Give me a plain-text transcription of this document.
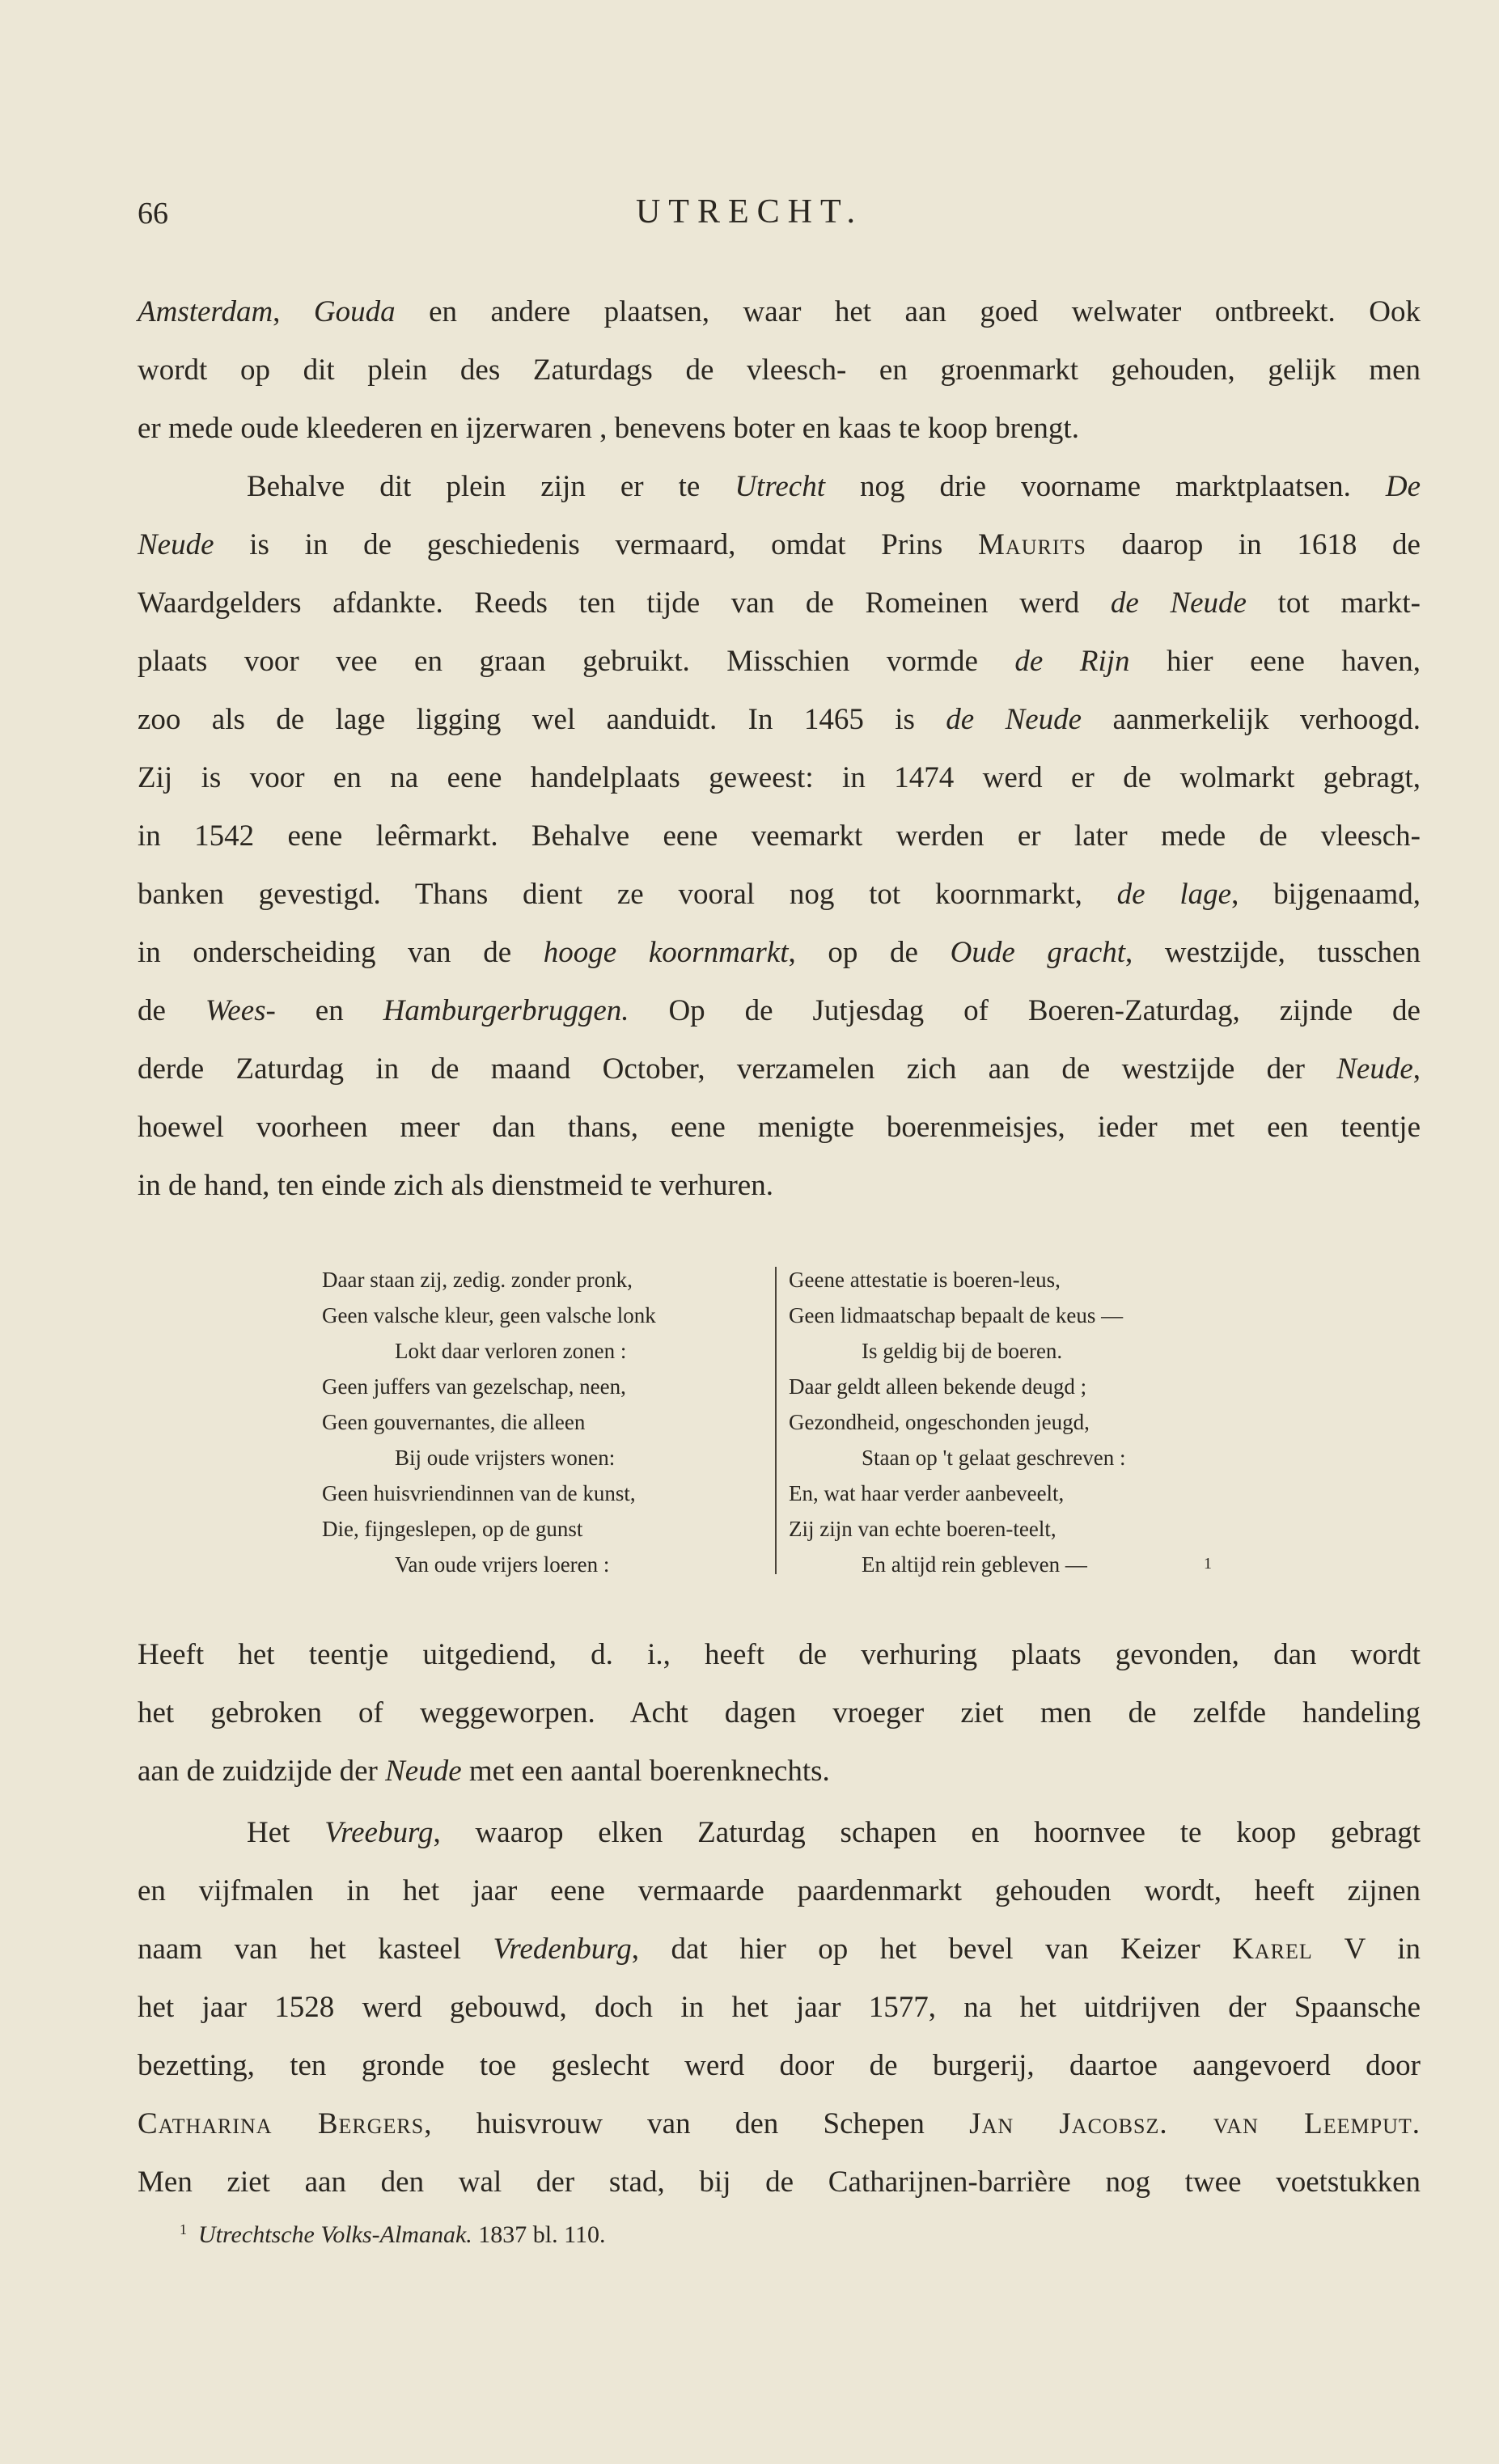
66	UTRECHT.
Amsterdam, Gouda en andere plaatsen, waar het aan goed welwater ontbreekt. Ook
wordt op dit plein des Zaturdags de vleesch- en groenmarkt gehouden, gelijk men
er mede oude kleederen en ijzerwaren , benevens boter en kaas te koop brengt.
Behalve dit plein zijn er te Utrecht nog drie voorname marktplaatsen. De
Neude is in de geschiedenis vermaard, omdat Prins Maurits daarop in 1618 de
Waardgelders afdankte. Reeds ten tijde van de Romeinen werd de Neude tot markt-
plaats voor vee en graan gebruikt. Misschien vormde de Rijn hier eene haven,
zoo als de lage ligging wel aanduidt. In 1465 is de Neude aanmerkelijk verhoogd.
Zij is voor en na eene handelplaats geweest: in 1474 werd er de wolmarkt gebragt,
in 1542 eene leêrmarkt. Behalve eene veemarkt werden er later mede de vleesch-
banken gevestigd. Thans dient ze vooral nog tot koornmarkt, de lage, bijgenaamd,
in onderscheiding van de hooge koornmarkt, op de Oude gracht, westzijde, tusschen
de Wees- en Hamburgerbruggen. Op de Jutjesdag of Boeren-Zaturdag, zijnde de
derde Zaturdag in de maand October, verzamelen zich aan de westzijde der Neude,
hoewel voorheen meer dan thans, eene menigte boerenmeisjes, ieder met een teentje
in de hand, ten einde zich als dienstmeid te verhuren.
Daar staan zij, zedig. zonder pronk,
Geen valsche kleur, geen valsche lonk
Lokt daar verloren zonen :
Geen juffers van gezelschap, neen,
Geen gouvernantes, die alleen
Bij oude vrijsters wonen:
Geen huisvriendinnen van de kunst,
Die, fijngeslepen, op de gunst
Van oude vrijers loeren :
Geene attestatie is boeren-leus,
Geen lidmaatschap bepaalt de keus —
Is geldig bij de boeren.
Daar geldt alleen bekende deugd ;
Gezondheid, ongeschonden jeugd,
Staan op 't gelaat geschreven :
En, wat haar verder aanbeveelt,
Zij zijn van echte boeren-teelt,
En altijd rein gebleven —	1
Heeft het teentje uitgediend, d. i., heeft de verhuring plaats gevonden, dan wordt
het gebroken of weggeworpen. Acht dagen vroeger ziet men de zelfde handeling
aan de zuidzijde der Neude met een aantal boerenknechts.
Het Vreeburg, waarop elken Zaturdag schapen en hoornvee te koop gebragt
en vijfmalen in het jaar eene vermaarde paardenmarkt gehouden wordt, heeft zijnen
naam van het kasteel Vredenburg, dat hier op het bevel van Keizer Karel V in
het jaar 1528 werd gebouwd, doch in het jaar 1577, na het uitdrijven der Spaansche
bezetting, ten gronde toe geslecht werd door de burgerij, daartoe aangevoerd door
Catharina Bergers, huisvrouw van den Schepen Jan Jacobsz. van Leemput.
Men ziet aan den wal der stad, bij de Catharijnen-barrière nog twee voetstukken
$^1$ Utrechtsche Volks-Almanak. 1837 bl. 110.
